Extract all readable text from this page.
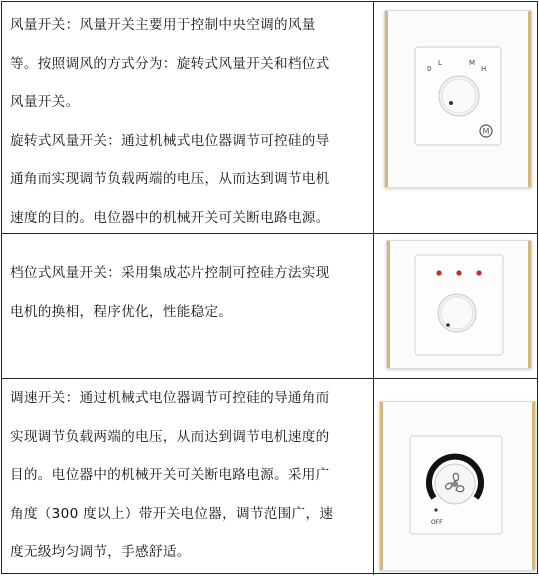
风量开关：风量开关主要用于控制中央空调的风量
等。按照调风的方式分为：旋转式风量开关和档位式
风量开关。

旋转式风量开关：通过机械式电位器调节可控硅的导
通角而实现调节负载两端的电压，从而达到调节电机
速度的目的。电位器中的机械开关可关断电路电源。

0
L	M
H
M

档位式风量开关：采用集成芯片控制可控硅方法实现
电机的换相，程序优化，性能稳定。

调速开关：通过机械式电位器调节可控硅的导通角而
实现调节负载两端的电压，从而达到调节电机速度的
目的。电位器中的机械开关可关断电路电源。采用广
角度（300 度以上）带开关电位器，调节范围广，速
度无级均匀调节，手感舒适。

OFF
